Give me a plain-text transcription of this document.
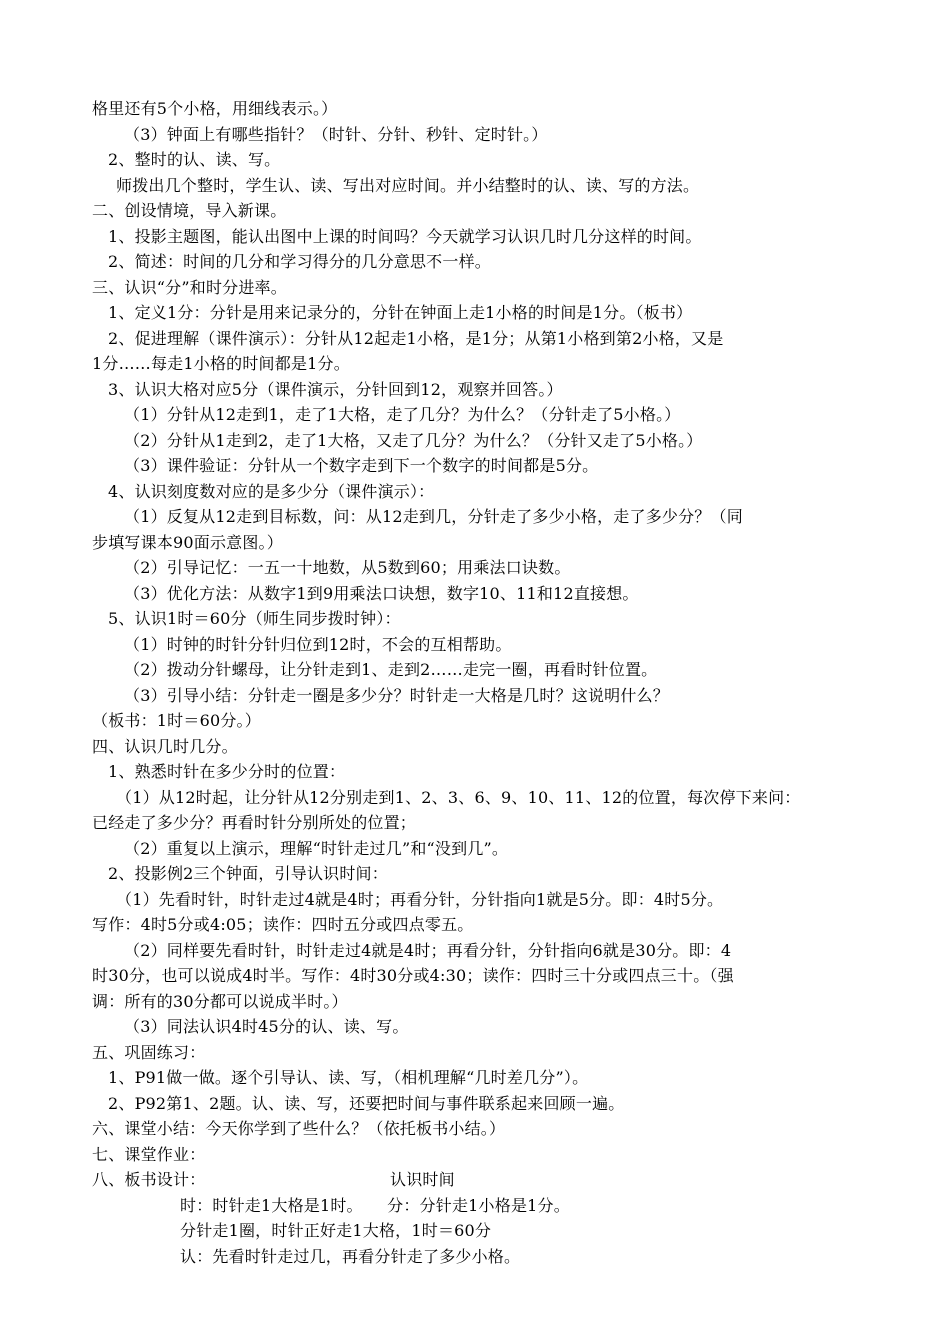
格里还有5个小格，用细线表示。）
（3）钟面上有哪些指针？（时针、分针、秒针、定时针。）
2、整时的认、读、写。
师拨出几个整时，学生认、读、写出对应时间。并小结整时的认、读、写的方法。
二、创设情境，导入新课。
1、投影主题图，能认出图中上课的时间吗？今天就学习认识几时几分这样的时间。
2、简述：时间的几分和学习得分的几分意思不一样。
三、认识“分”和时分进率。
1、定义1分：分针是用来记录分的，分针在钟面上走1小格的时间是1分。（板书）
2、促进理解（课件演示）：分针从12起走1小格，是1分；从第1小格到第2小格，又是
1分……每走1小格的时间都是1分。
3、认识大格对应5分（课件演示，分针回到12，观察并回答。）
（1）分针从12走到1，走了1大格，走了几分？为什么？（分针走了5小格。）
（2）分针从1走到2，走了1大格，又走了几分？为什么？（分针又走了5小格。）
（3）课件验证：分针从一个数字走到下一个数字的时间都是5分。
4、认识刻度数对应的是多少分（课件演示）：
（1）反复从12走到目标数，问：从12走到几，分针走了多少小格，走了多少分？（同
步填写课本90面示意图。）
（2）引导记忆：一五一十地数，从5数到60；用乘法口诀数。
（3）优化方法：从数字1到9用乘法口诀想，数字10、11和12直接想。
5、认识1时＝60分（师生同步拨时钟）：
（1）时钟的时针分针归位到12时，不会的互相帮助。
（2）拨动分针螺母，让分针走到1、走到2……走完一圈，再看时针位置。
（3）引导小结：分针走一圈是多少分？时针走一大格是几时？这说明什么？
（板书：1时＝60分。）
四、认识几时几分。
1、熟悉时针在多少分时的位置：
（1）从12时起，让分针从12分别走到1、2、3、6、9、10、11、12的位置，每次停下来问：
已经走了多少分？再看时针分别所处的位置；
（2）重复以上演示，理解“时针走过几”和“没到几”。
2、投影例2三个钟面，引导认识时间：
（1）先看时针，时针走过4就是4时；再看分针，分针指向1就是5分。即：4时5分。
写作：4时5分或4:05；读作：四时五分或四点零五。
（2）同样要先看时针，时针走过4就是4时；再看分针，分针指向6就是30分。即：4
时30分，也可以说成4时半。写作：4时30分或4:30；读作：四时三十分或四点三十。（强
调：所有的30分都可以说成半时。）
（3）同法认识4时45分的认、读、写。
五、巩固练习：
1、P91做一做。逐个引导认、读、写，（相机理解“几时差几分”）。
2、P92第1、2题。认、读、写，还要把时间与事件联系起来回顾一遍。
六、课堂小结：今天你学到了些什么？（依托板书小结。）
七、课堂作业：
八、板书设计：	认识时间
时：时针走1大格是1时。　　分：分针走1小格是1分。
分针走1圈，时针正好走1大格，1时＝60分
认：先看时针走过几，再看分针走了多少小格。
